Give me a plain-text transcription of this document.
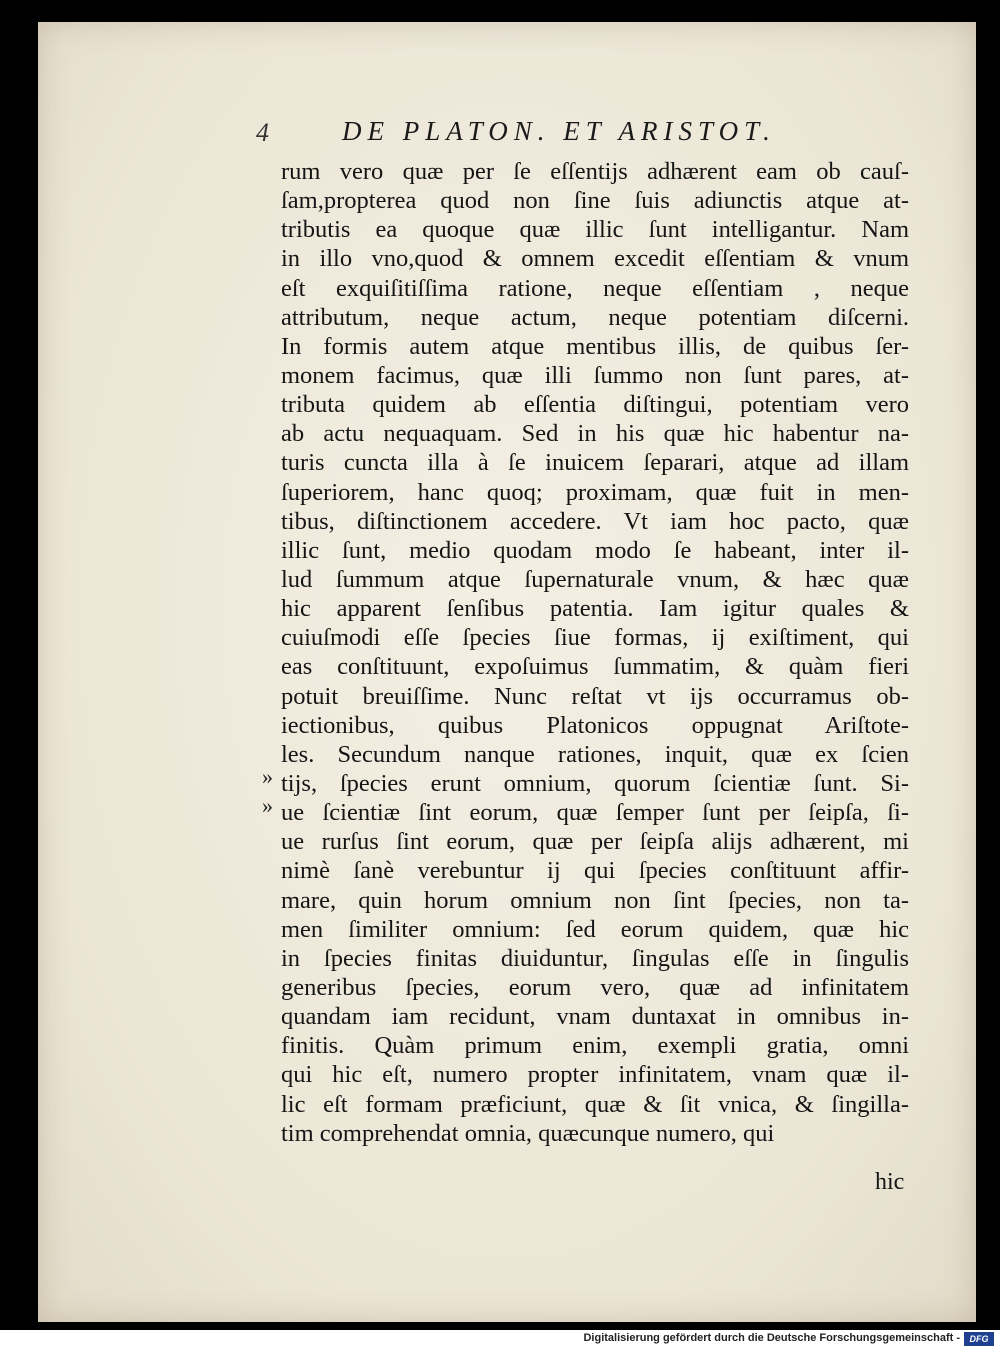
4	DE PLATON. ET ARISTOT.
rum vero quæ per ſe eſſentijs adhærent eam ob cauſ-
ſam,propterea quod non ſine ſuis adiunctis atque at-
tributis ea quoque quæ illic ſunt intelligantur. Nam
in illo vno,quod & omnem excedit eſſentiam & vnum
eſt exquiſitiſſima ratione, neque eſſentiam , neque
attributum, neque actum, neque potentiam diſcerni.
In formis autem atque mentibus illis, de quibus ſer-
monem facimus, quæ illi ſummo non ſunt pares, at-
tributa quidem ab eſſentia diſtingui, potentiam vero
ab actu nequaquam. Sed in his quæ hic habentur na-
turis cuncta illa à ſe inuicem ſeparari, atque ad illam
ſuperiorem, hanc quoq; proximam, quæ fuit in men-
tibus, diſtinctionem accedere. Vt iam hoc pacto, quæ
illic ſunt, medio quodam modo ſe habeant, inter il-
lud ſummum atque ſupernaturale vnum, & hæc quæ
hic apparent ſenſibus patentia. Iam igitur quales &
cuiuſmodi eſſe ſpecies ſiue formas, ij exiſtiment, qui
eas conſtituunt, expoſuimus ſummatim, & quàm fieri
potuit breuiſſime. Nunc reſtat vt ijs occurramus ob-
iectionibus, quibus Platonicos oppugnat Ariſtote-
les. Secundum nanque rationes, inquit, quæ ex ſcien
tijs, ſpecies erunt omnium, quorum ſcientiæ ſunt. Si-
ue ſcientiæ ſint eorum, quæ ſemper ſunt per ſeipſa, ſi-
ue rurſus ſint eorum, quæ per ſeipſa alijs adhærent, mi
nimè ſanè verebuntur ij qui ſpecies conſtituunt affir-
mare, quin horum omnium non ſint ſpecies, non ta-
men ſimiliter omnium: ſed eorum quidem, quæ hic
in ſpecies finitas diuiduntur, ſingulas eſſe in ſingulis
generibus ſpecies, eorum vero, quæ ad infinitatem
quandam iam recidunt, vnam duntaxat in omnibus in-
finitis. Quàm primum enim, exempli gratia, omni
qui hic eſt, numero propter infinitatem, vnam quæ il-
lic eſt formam præficiunt, quæ & ſit vnica, & ſingilla-
tim comprehendat omnia, quæcunque numero, qui
»
»
hic
Digitalisierung gefördert durch die Deutsche Forschungsgemeinschaft -	DFG
